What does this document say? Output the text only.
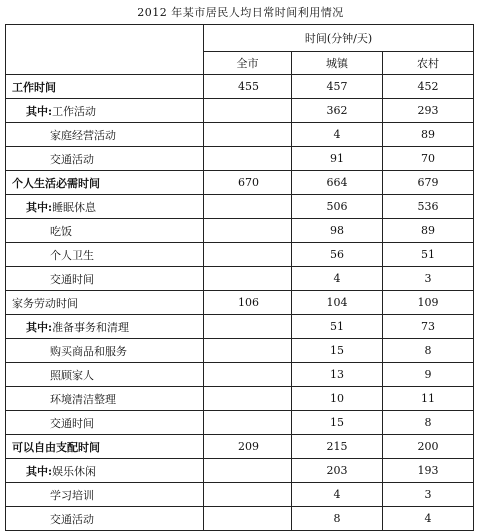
2012 年某市居民人均日常时间利用情况
	时间(分钟/天)		
	全市	城镇	农村
工作时间	455	457	452
其中:工作活动		362	293
家庭经营活动		4	89
交通活动		91	70
个人生活必需时间	670	664	679
其中:睡眠休息		506	536
吃饭		98	89
个人卫生		56	51
交通时间		4	3
家务劳动时间	106	104	109
其中:准备事务和清理		51	73
购买商品和服务		15	8
照顾家人		13	9
环境清洁整理		10	11
交通时间		15	8
可以自由支配时间	209	215	200
其中:娱乐休闲		203	193
学习培训		4	3
交通活动		8	4
